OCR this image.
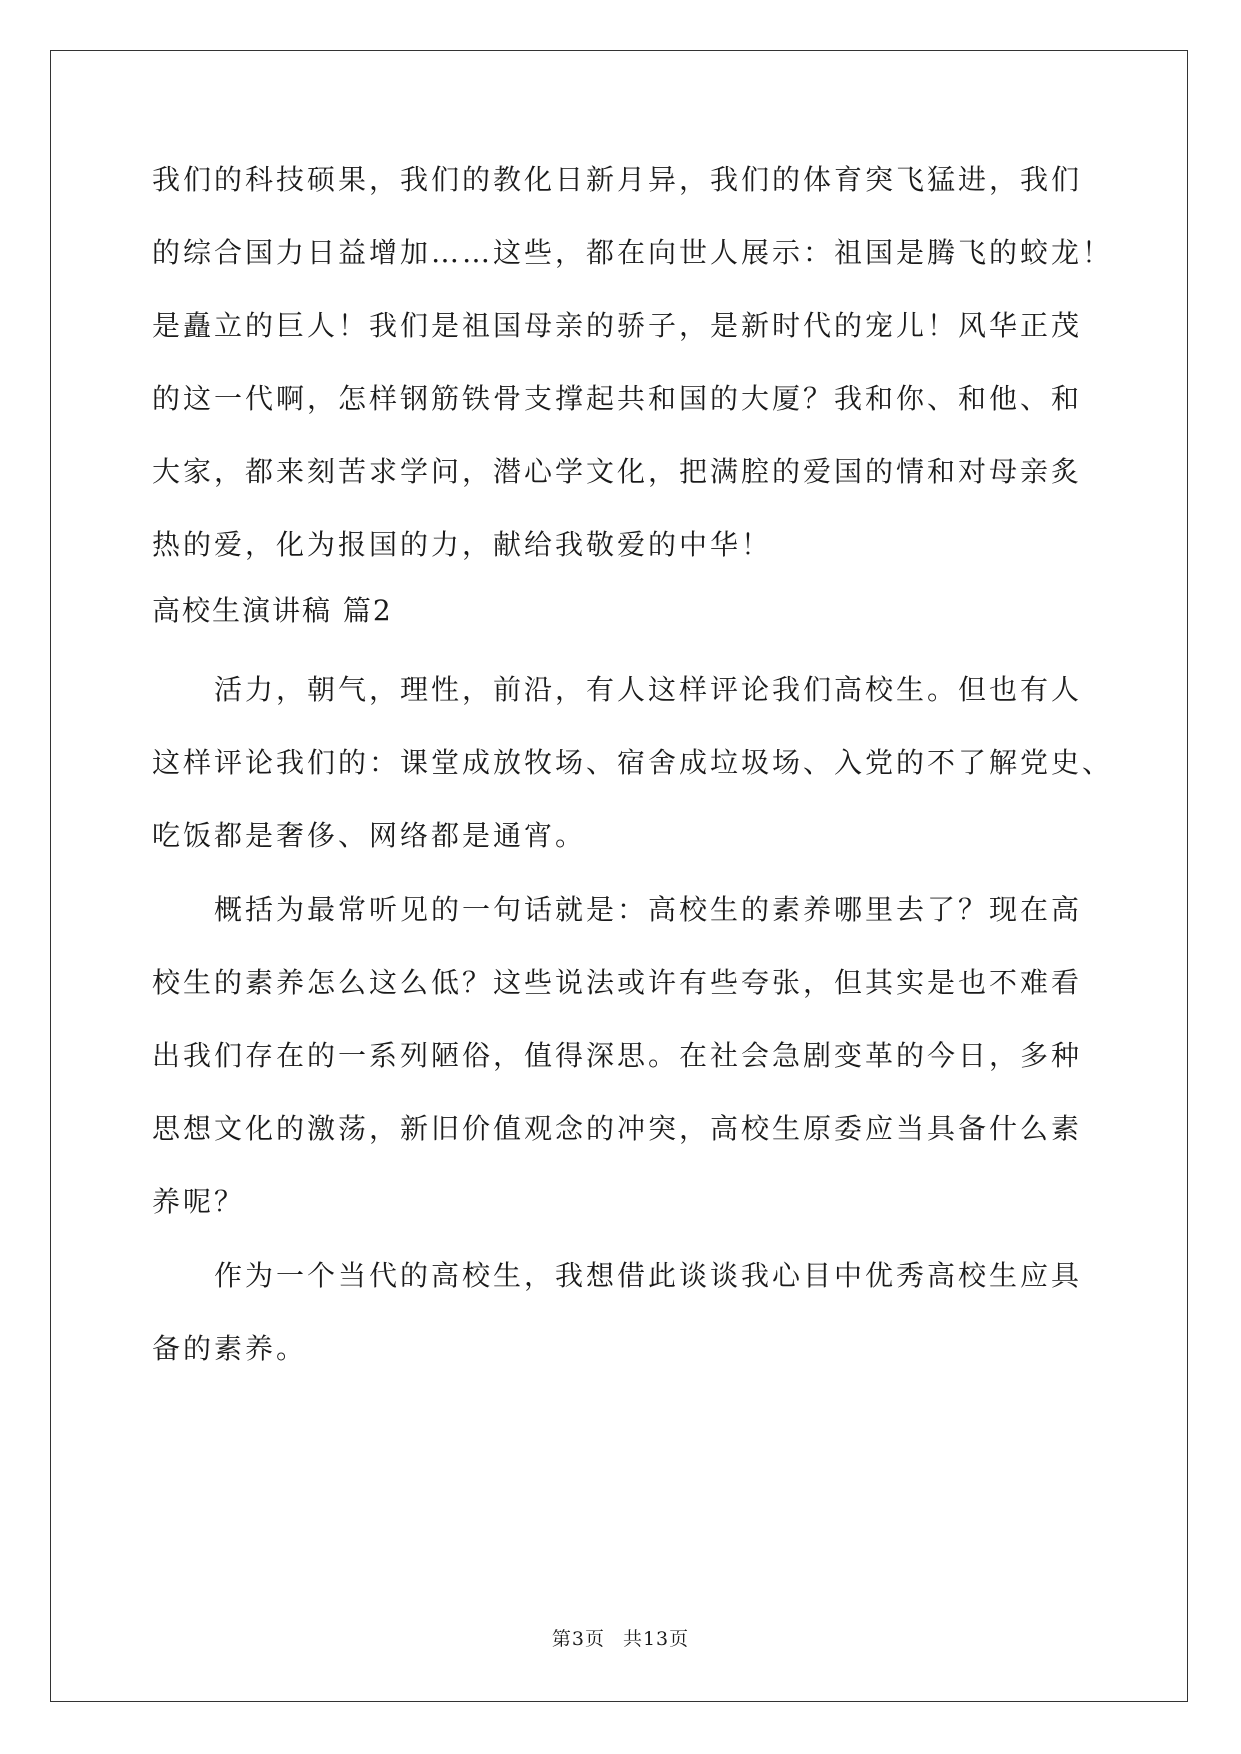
我们的科技硕果，我们的教化日新月异，我们的体育突飞猛进，我们
的综合国力日益增加……这些，都在向世人展示：祖国是腾飞的蛟龙！
是矗立的巨人！我们是祖国母亲的骄子，是新时代的宠儿！风华正茂
的这一代啊，怎样钢筋铁骨支撑起共和国的大厦？我和你、和他、和
大家，都来刻苦求学问，潜心学文化，把满腔的爱国的情和对母亲炙
热的爱，化为报国的力，献给我敬爱的中华！
高校生演讲稿 篇2
活力，朝气，理性，前沿，有人这样评论我们高校生。但也有人
这样评论我们的：课堂成放牧场、宿舍成垃圾场、入党的不了解党史、
吃饭都是奢侈、网络都是通宵。
概括为最常听见的一句话就是：高校生的素养哪里去了？现在高
校生的素养怎么这么低？这些说法或许有些夸张，但其实是也不难看
出我们存在的一系列陋俗，值得深思。在社会急剧变革的今日，多种
思想文化的激荡，新旧价值观念的冲突，高校生原委应当具备什么素
养呢？
作为一个当代的高校生，我想借此谈谈我心目中优秀高校生应具
备的素养。
第3页 共13页
